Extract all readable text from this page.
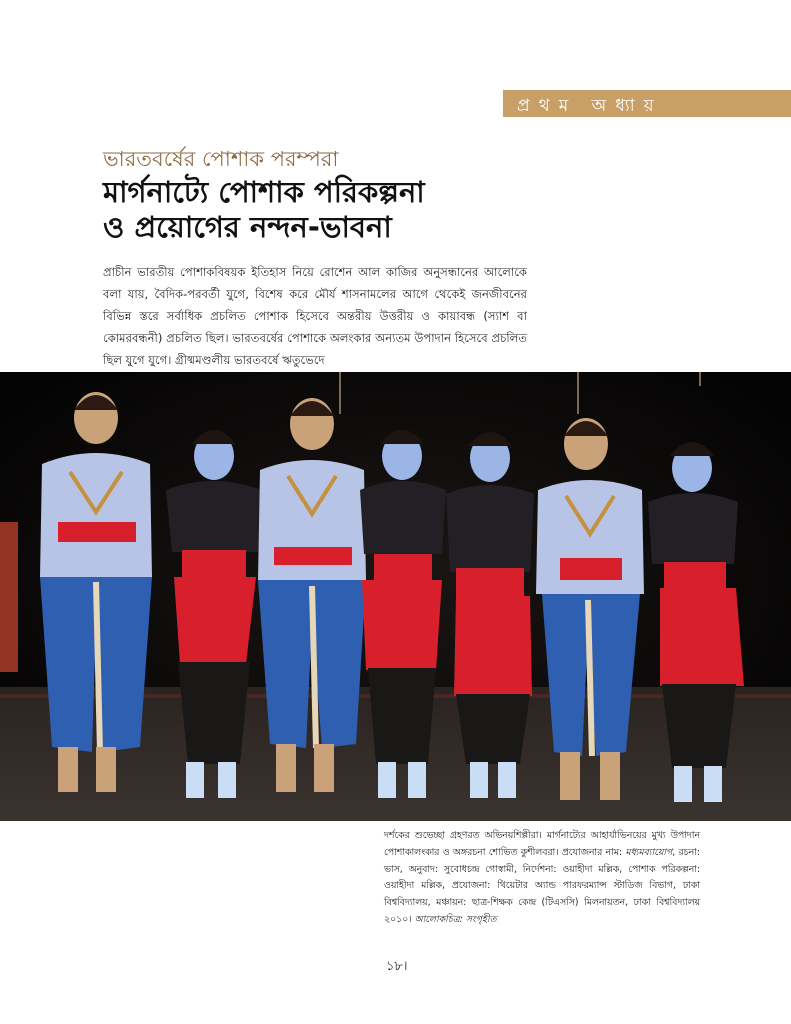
প্রথম অধ্যায়
ভারতবর্ষের পোশাক পরম্পরা
মার্গনাট্যে পোশাক পরিকল্পনা
ও প্রয়োগের নন্দন-ভাবনা

প্রাচীন ভারতীয় পোশাকবিষয়ক ইতিহাস নিয়ে রোশেন আল কাজির অনুসন্ধানের আলোকে বলা যায়, বৈদিক-পরবর্তী যুগে, বিশেষ করে মৌর্য শাসনামলের আগে থেকেই জনজীবনের বিভিন্ন স্তরে সর্বাধিক প্রচলিত পোশাক হিসেবে অন্তরীয় উত্তরীয় ও কায়াবন্ধ (স্যাশ বা কোমরবন্ধনী) প্রচলিত ছিল। ভারতবর্ষের পোশাকে অলংকার অন্যতম উপাদান হিসেবে প্রচলিত ছিল যুগে যুগে। গ্রীষ্মমণ্ডলীয় ভারতবর্ষে ঋতুভেদে

দর্শকের শুভেচ্ছা গ্রহণরত অভিনয়শিল্পীরা। মার্গনাট্যের আহার্যাভিনয়ের মুখ্য উপাদান পোশাকালংকার ও অঙ্গরচনা শোভিত কুশীলবরা। প্রযোজনার নাম: মধ্যমব্যায়োগ, রচনা: ভাস, অনুবাদ: সুবোধচন্দ্র গোস্বামী, নির্দেশনা: ওয়াহীদা মল্লিক, পোশাক পরিকল্পনা: ওয়াহীদা মল্লিক, প্রযোজনা: থিয়েটার অ্যান্ড পারফরম্যান্স স্টাডিজ বিভাগ, ঢাকা বিশ্ববিদ্যালয়, মঞ্চায়ন: ছাত্র-শিক্ষক কেন্দ্র (টিএসসি) মিলনায়তন, ঢাকা বিশ্ববিদ্যালয় ২০১০। আলোকচিত্র: সংগৃহীত

১৮।
